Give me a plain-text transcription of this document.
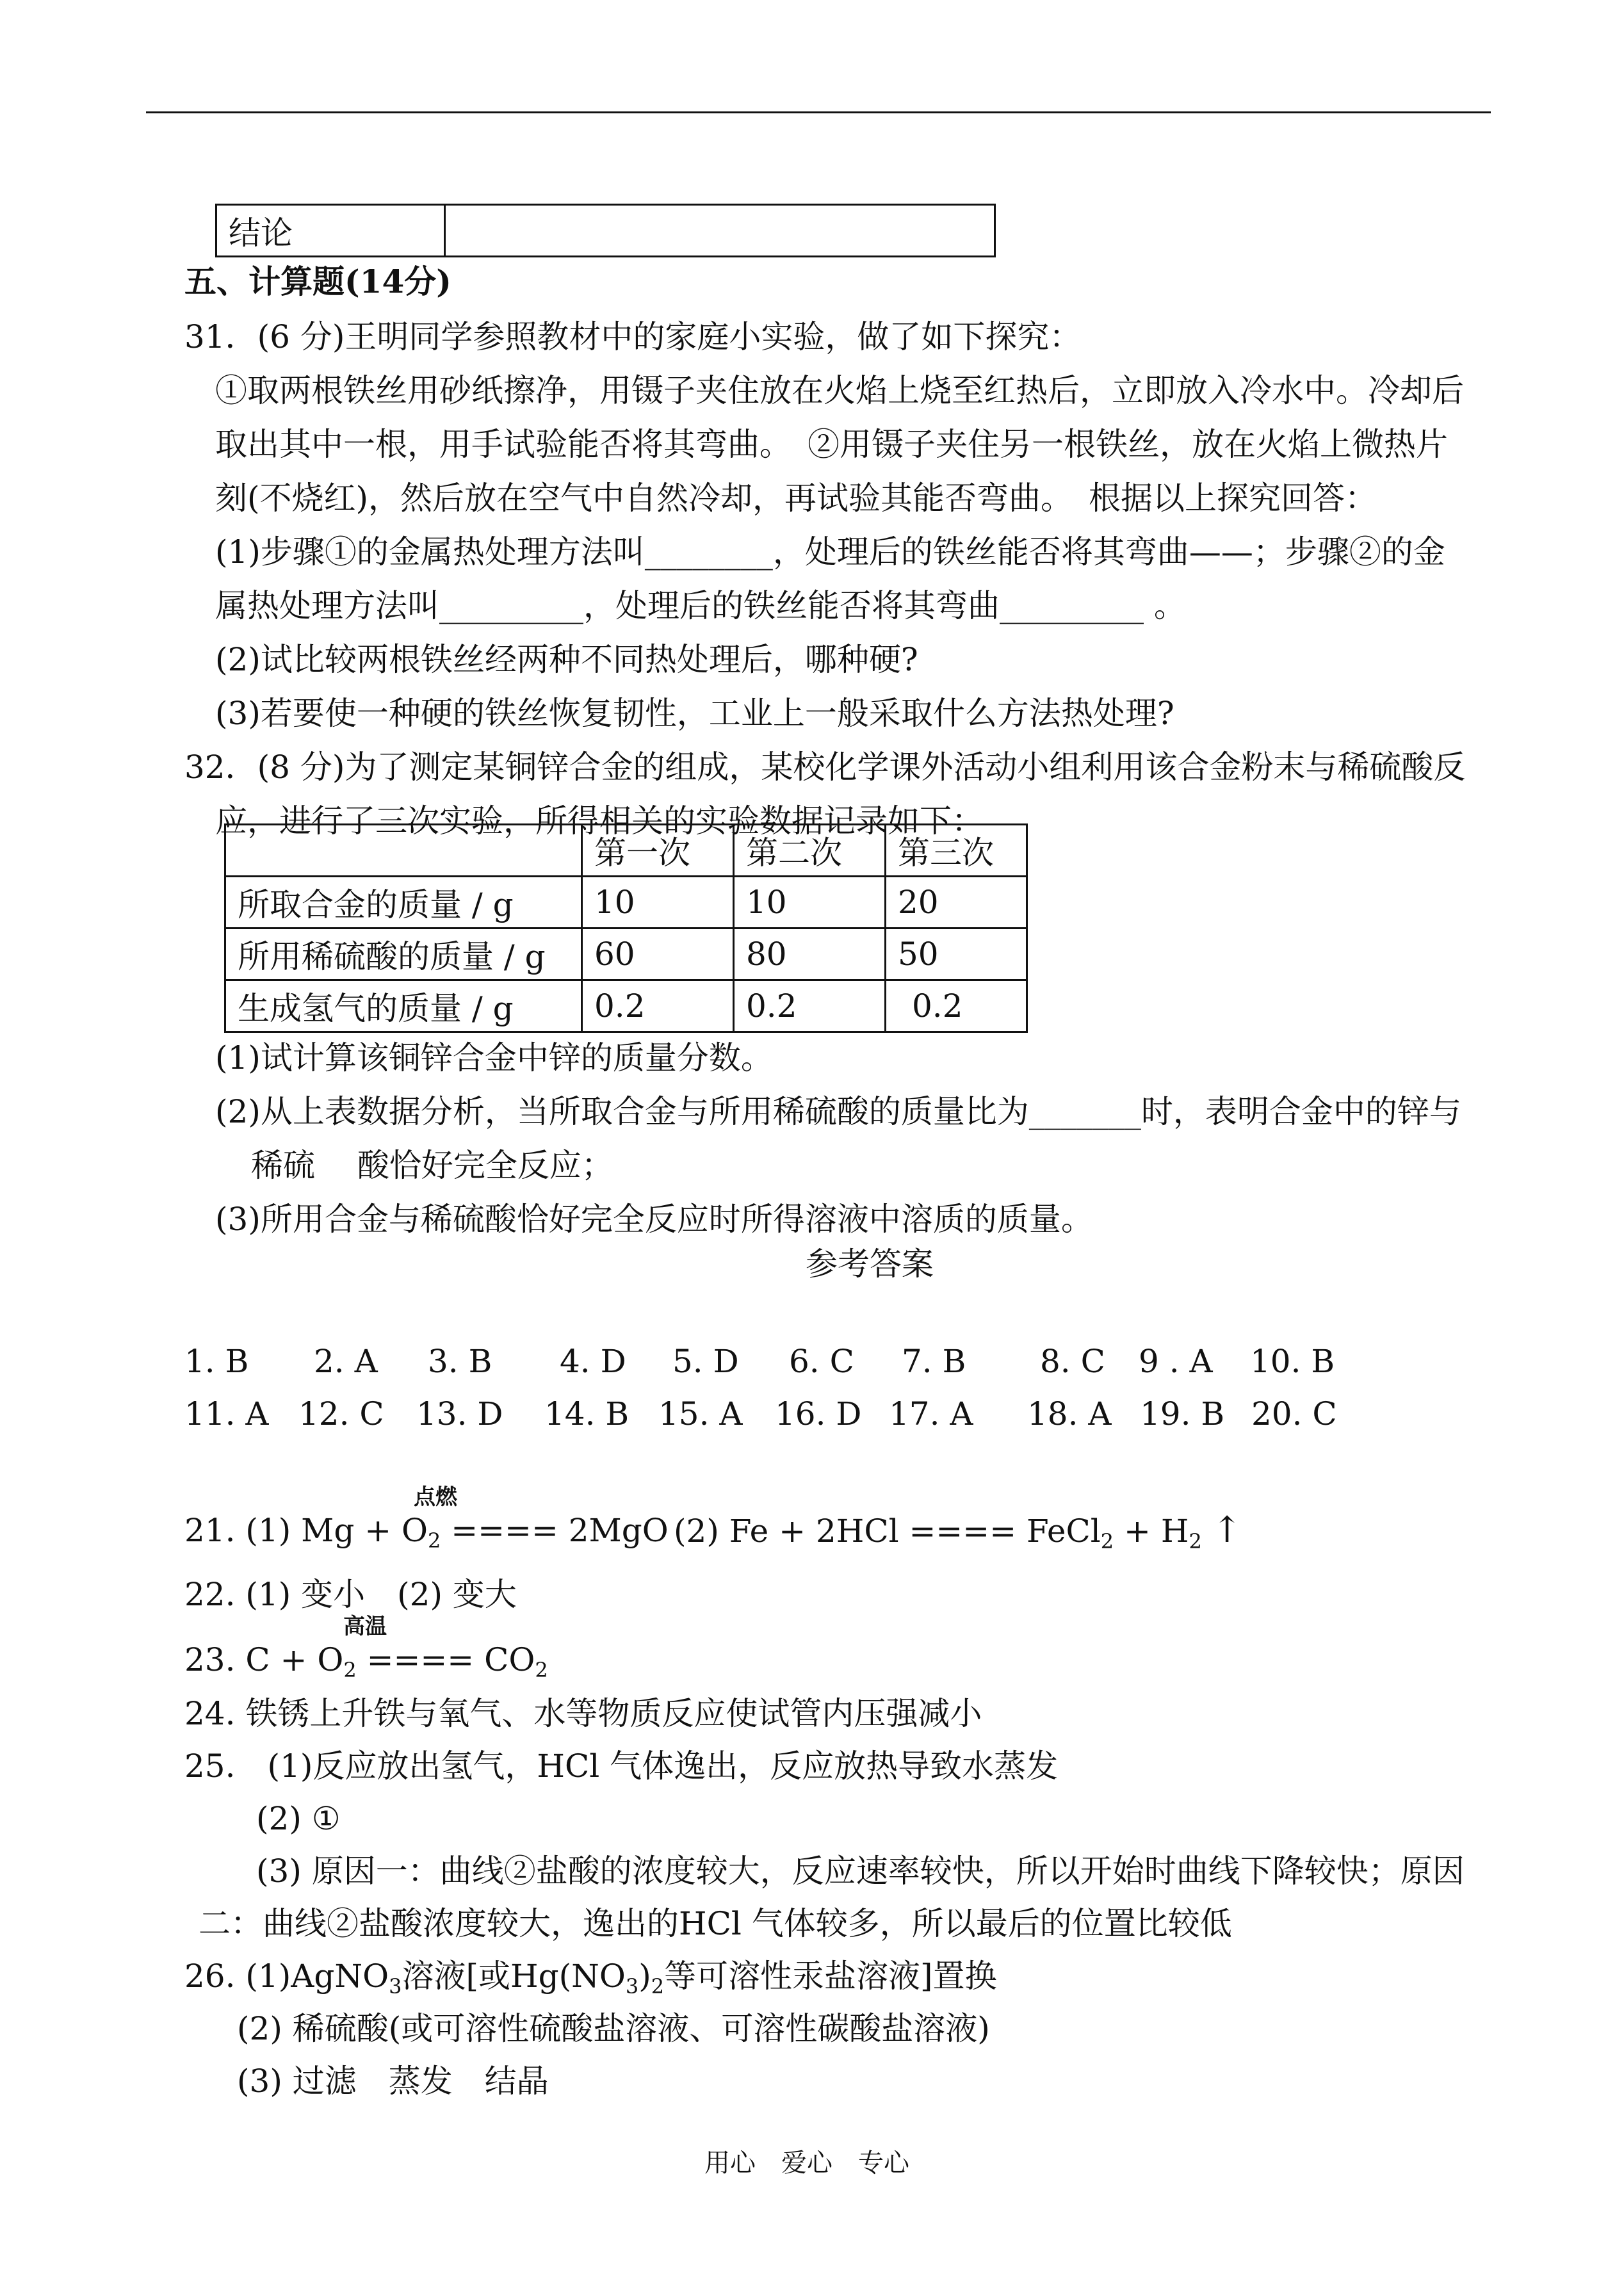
结论	
五、计算题(14分)
31．(6 分)王明同学参照教材中的家庭小实验，做了如下探究：
①取两根铁丝用砂纸擦净，用镊子夹住放在火焰上烧至红热后，立即放入冷水中。冷却后
取出其中一根，用手试验能否将其弯曲。　②用镊子夹住另一根铁丝，放在火焰上微热片
刻(不烧红)，然后放在空气中自然冷却，再试验其能否弯曲。　根据以上探究回答：
(1)步骤①的金属热处理方法叫________，处理后的铁丝能否将其弯曲——；步骤②的金
属热处理方法叫_________，处理后的铁丝能否将其弯曲_________ 。
(2)试比较两根铁丝经两种不同热处理后，哪种硬?
(3)若要使一种硬的铁丝恢复韧性，工业上一般采取什么方法热处理?
32．(8 分)为了测定某铜锌合金的组成，某校化学课外活动小组利用该合金粉末与稀硫酸反
应，进行了三次实验，所得相关的实验数据记录如下：
	第一次	第二次	第三次
所取合金的质量 / g	10	10	20
所用稀硫酸的质量 / g	60	80	50
生成氢气的质量 / g	0.2	0.2	0.2
(1)试计算该铜锌合金中锌的质量分数。
(2)从上表数据分析，当所取合金与所用稀硫酸的质量比为_______时，表明合金中的锌与
稀硫　 酸恰好完全反应；
(3)所用合金与稀硫酸恰好完全反应时所得溶液中溶质的质量。
参考答案
1. B 2. A 3. B 4. D 5. D 6. C 7. B 8. C 9 . A 10. B
11. A 12. C 13. D 14. B 15. A 16. D 17. A 18. A 19. B 20. C
点燃
21. (1) $Mg + O_2$ ==== 2MgO (2) Fe + 2HCl ==== FeCl$_2$ + $H_2$ ↑
22. (1) 变小　(2) 变大
高温
23. $C + O_2$ ==== $CO_2$
24. 铁锈上升铁与氧气、水等物质反应使试管内压强减小
25.　(1)反应放出氢气，HCl 气体逸出，反应放热导致水蒸发
(2) ①
(3) 原因一：曲线②盐酸的浓度较大，反应速率较快，所以开始时曲线下降较快；原因
二：曲线②盐酸浓度较大，逸出的HCl 气体较多，所以最后的位置比较低
26. (1)AgNO$_3$溶液[或$Hg(NO_3)_2$等可溶性汞盐溶液]置换
(2) 稀硫酸(或可溶性硫酸盐溶液、可溶性碳酸盐溶液)
(3) 过滤　蒸发　结晶
用心　爱心　专心
